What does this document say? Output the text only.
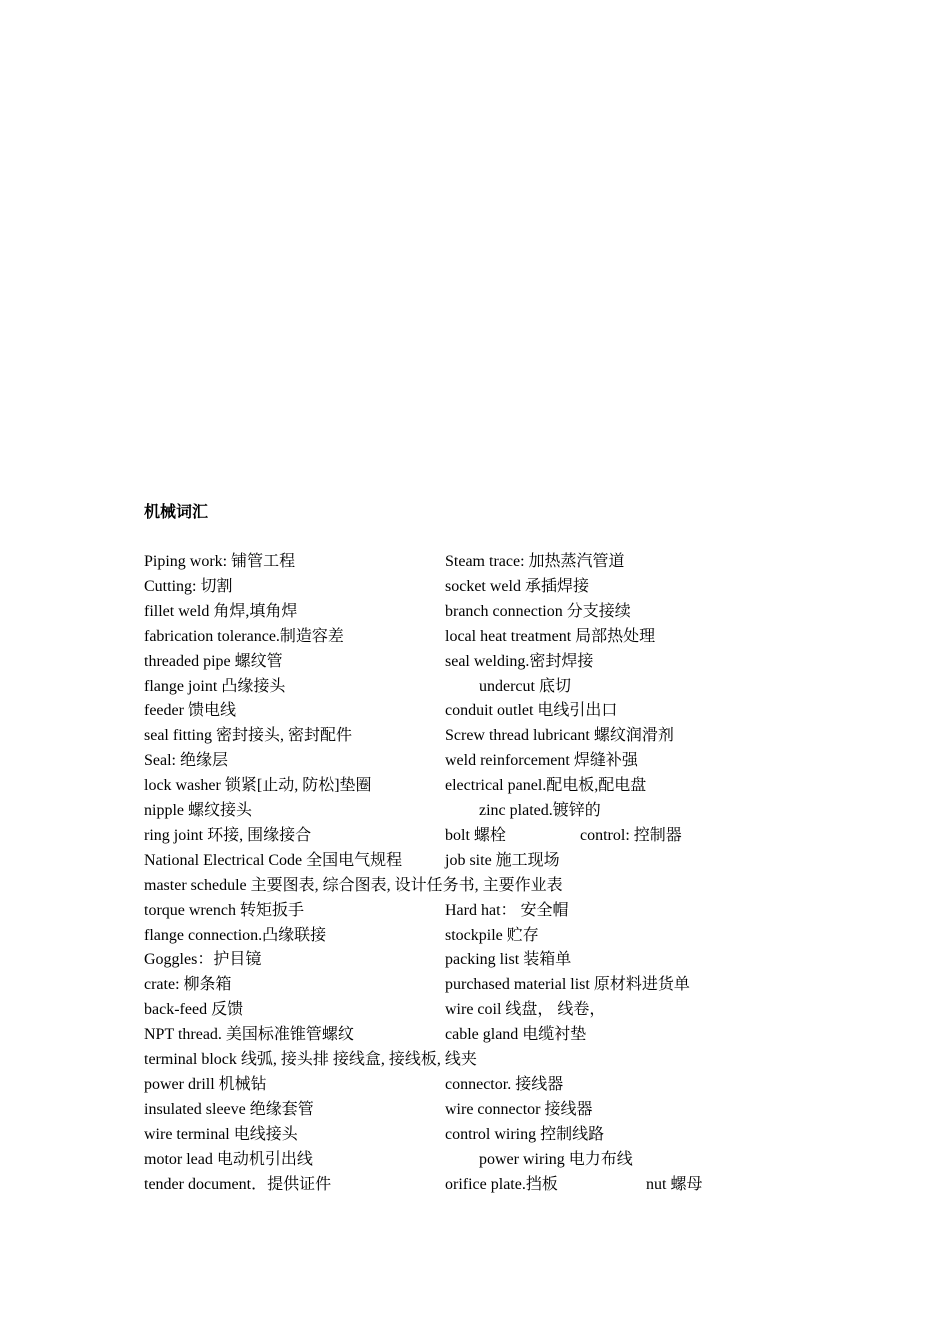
机械词汇
Piping work: 铺管工程	Steam trace: 加热蒸汽管道
Cutting: 切割	socket weld 承插焊接
fillet weld 角焊,填角焊	branch connection 分支接续
fabrication tolerance.制造容差	local heat treatment 局部热处理
threaded pipe 螺纹管	seal welding.密封焊接
flange joint 凸缘接头	undercut 底切
feeder 馈电线	conduit outlet 电线引出口
seal fitting 密封接头, 密封配件	Screw thread lubricant 螺纹润滑剂
Seal: 绝缘层	weld reinforcement 焊缝补强
lock washer 锁紧[止动, 防松]垫圈	electrical panel.配电板,配电盘
nipple 螺纹接头	zinc plated.镀锌的
ring joint 环接, 围缘接合	bolt 螺栓	control: 控制器
National Electrical Code 全国电气规程	job site 施工现场
master schedule 主要图表, 综合图表, 设计任务书, 主要作业表
torque wrench 转矩扳手	Hard hat： 安全帽
flange connection.凸缘联接	stockpile 贮存
Goggles：护目镜	packing list 装箱单
crate: 柳条箱	purchased material list 原材料进货单
back-feed 反馈	wire coil 线盘， 线卷，
NPT thread. 美国标准锥管螺纹	cable gland 电缆衬垫
terminal block 线弧, 接头排 接线盒, 接线板, 线夹
power drill 机械钻	connector. 接线器
insulated sleeve 绝缘套管	wire connector 接线器
wire terminal 电线接头	control wiring 控制线路
motor lead 电动机引出线	power wiring 电力布线
tender document．提供证件	orifice plate.挡板	nut 螺母
